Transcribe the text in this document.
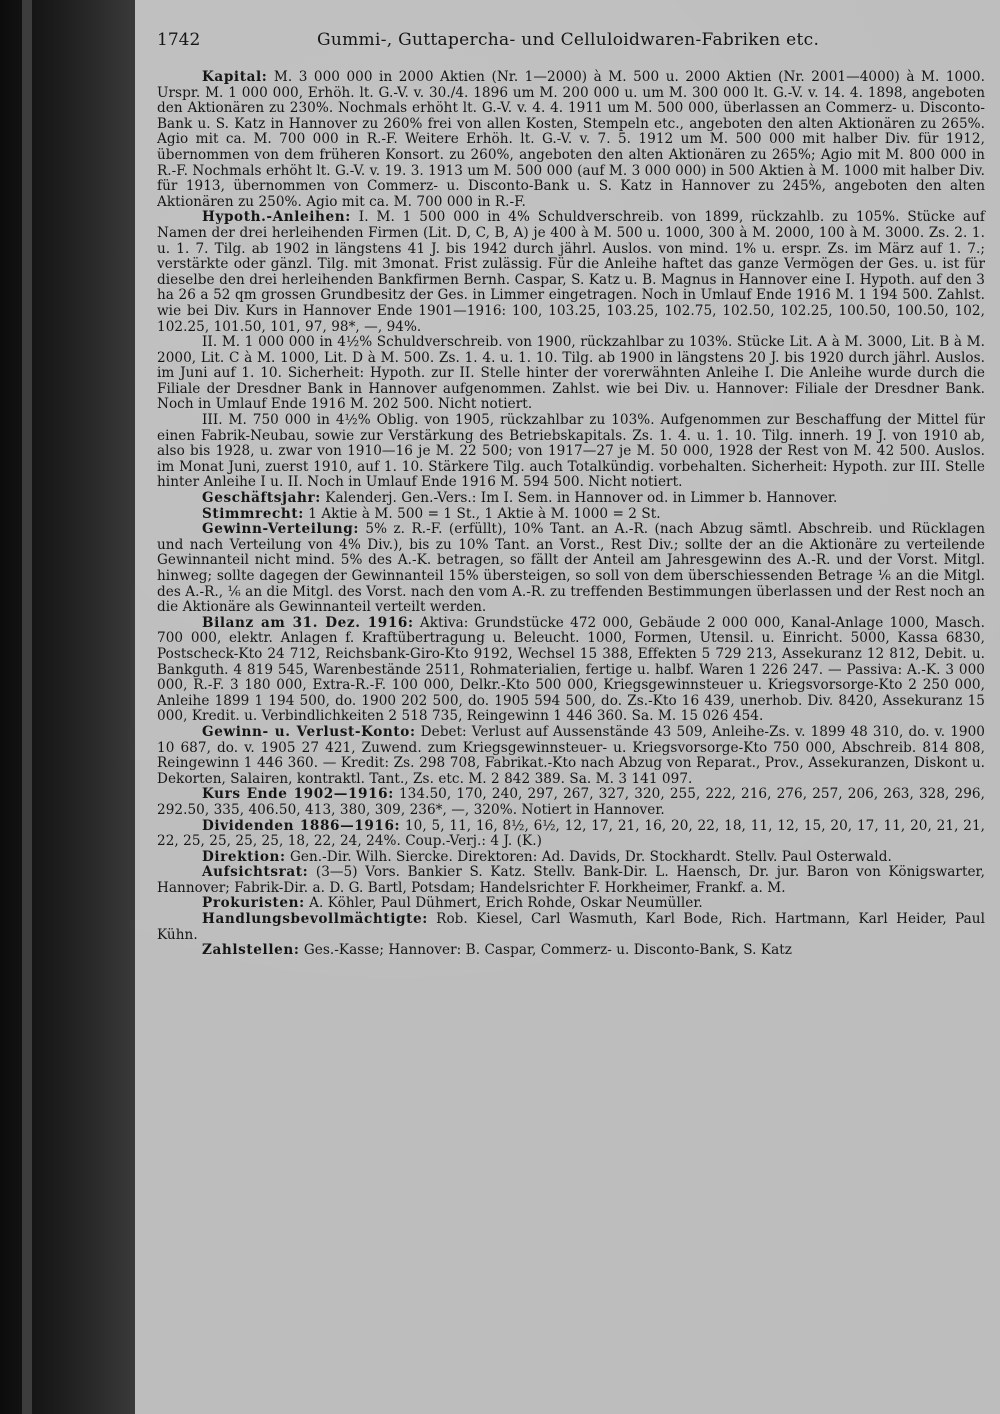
1742	Gummi-, Guttapercha- und Celluloidwaren-Fabriken etc.

Kapital: M. 3 000 000 in 2000 Aktien (Nr. 1—2000) à M. 500 u. 2000 Aktien (Nr. 2001—4000) à M. 1000. Urspr. M. 1 000 000, Erhöh. lt. G.-V. v. 30./4. 1896 um M. 200 000 u. um M. 300 000 lt. G.-V. v. 14. 4. 1898, angeboten den Aktionären zu 230%. Nochmals erhöht lt. G.-V. v. 4. 4. 1911 um M. 500 000, überlassen an Commerz- u. Disconto-Bank u. S. Katz in Hannover zu 260% frei von allen Kosten, Stempeln etc., angeboten den alten Aktionären zu 265%. Agio mit ca. M. 700 000 in R.-F. Weitere Erhöh. lt. G.-V. v. 7. 5. 1912 um M. 500 000 mit halber Div. für 1912, übernommen von dem früheren Konsort. zu 260%, angeboten den alten Aktionären zu 265%; Agio mit M. 800 000 in R.-F. Nochmals erhöht lt. G.-V. v. 19. 3. 1913 um M. 500 000 (auf M. 3 000 000) in 500 Aktien à M. 1000 mit halber Div. für 1913, übernommen von Commerz- u. Disconto-Bank u. S. Katz in Hannover zu 245%, angeboten den alten Aktionären zu 250%. Agio mit ca. M. 700 000 in R.-F.

Hypoth.-Anleihen: I. M. 1 500 000 in 4% Schuldverschreib. von 1899, rückzahlb. zu 105%. Stücke auf Namen der drei herleihenden Firmen (Lit. D, C, B, A) je 400 à M. 500 u. 1000, 300 à M. 2000, 100 à M. 3000. Zs. 2. 1. u. 1. 7. Tilg. ab 1902 in längstens 41 J. bis 1942 durch jährl. Auslos. von mind. 1% u. erspr. Zs. im März auf 1. 7.; verstärkte oder gänzl. Tilg. mit 3monat. Frist zulässig. Für die Anleihe haftet das ganze Vermögen der Ges. u. ist für dieselbe den drei herleihenden Bankfirmen Bernh. Caspar, S. Katz u. B. Magnus in Hannover eine I. Hypoth. auf den 3 ha 26 a 52 qm grossen Grundbesitz der Ges. in Limmer eingetragen. Noch in Umlauf Ende 1916 M. 1 194 500. Zahlst. wie bei Div. Kurs in Hannover Ende 1901—1916: 100, 103.25, 103.25, 102.75, 102.50, 102.25, 100.50, 100.50, 102, 102.25, 101.50, 101, 97, 98*, —, 94%.

II. M. 1 000 000 in 4½% Schuldverschreib. von 1900, rückzahlbar zu 103%. Stücke Lit. A à M. 3000, Lit. B à M. 2000, Lit. C à M. 1000, Lit. D à M. 500. Zs. 1. 4. u. 1. 10. Tilg. ab 1900 in längstens 20 J. bis 1920 durch jährl. Auslos. im Juni auf 1. 10. Sicherheit: Hypoth. zur II. Stelle hinter der vorerwähnten Anleihe I. Die Anleihe wurde durch die Filiale der Dresdner Bank in Hannover aufgenommen. Zahlst. wie bei Div. u. Hannover: Filiale der Dresdner Bank. Noch in Umlauf Ende 1916 M. 202 500. Nicht notiert.

III. M. 750 000 in 4½% Oblig. von 1905, rückzahlbar zu 103%. Aufgenommen zur Beschaffung der Mittel für einen Fabrik-Neubau, sowie zur Verstärkung des Betriebskapitals. Zs. 1. 4. u. 1. 10. Tilg. innerh. 19 J. von 1910 ab, also bis 1928, u. zwar von 1910—16 je M. 22 500; von 1917—27 je M. 50 000, 1928 der Rest von M. 42 500. Auslos. im Monat Juni, zuerst 1910, auf 1. 10. Stärkere Tilg. auch Totalkündig. vorbehalten. Sicherheit: Hypoth. zur III. Stelle hinter Anleihe I u. II. Noch in Umlauf Ende 1916 M. 594 500. Nicht notiert.

Geschäftsjahr: Kalenderj. Gen.-Vers.: Im I. Sem. in Hannover od. in Limmer b. Hannover.

Stimmrecht: 1 Aktie à M. 500 = 1 St., 1 Aktie à M. 1000 = 2 St.

Gewinn-Verteilung: 5% z. R.-F. (erfüllt), 10% Tant. an A.-R. (nach Abzug sämtl. Abschreib. und Rücklagen und nach Verteilung von 4% Div.), bis zu 10% Tant. an Vorst., Rest Div.; sollte der an die Aktionäre zu verteilende Gewinnanteil nicht mind. 5% des A.-K. betragen, so fällt der Anteil am Jahresgewinn des A.-R. und der Vorst. Mitgl. hinweg; sollte dagegen der Gewinnanteil 15% übersteigen, so soll von dem überschiessenden Betrage ⅙ an die Mitgl. des A.-R., ⅙ an die Mitgl. des Vorst. nach den vom A.-R. zu treffenden Bestimmungen überlassen und der Rest noch an die Aktionäre als Gewinnanteil verteilt werden.

Bilanz am 31. Dez. 1916: Aktiva: Grundstücke 472 000, Gebäude 2 000 000, Kanal-Anlage 1000, Masch. 700 000, elektr. Anlagen f. Kraftübertragung u. Beleucht. 1000, Formen, Utensil. u. Einricht. 5000, Kassa 6830, Postscheck-Kto 24 712, Reichsbank-Giro-Kto 9192, Wechsel 15 388, Effekten 5 729 213, Assekuranz 12 812, Debit. u. Bankguth. 4 819 545, Warenbestände 2511, Rohmaterialien, fertige u. halbf. Waren 1 226 247. — Passiva: A.-K. 3 000 000, R.-F. 3 180 000, Extra-R.-F. 100 000, Delkr.-Kto 500 000, Kriegsgewinnsteuer u. Kriegsvorsorge-Kto 2 250 000, Anleihe 1899 1 194 500, do. 1900 202 500, do. 1905 594 500, do. Zs.-Kto 16 439, unerhob. Div. 8420, Assekuranz 15 000, Kredit. u. Verbindlichkeiten 2 518 735, Reingewinn 1 446 360. Sa. M. 15 026 454.

Gewinn- u. Verlust-Konto: Debet: Verlust auf Aussenstände 43 509, Anleihe-Zs. v. 1899 48 310, do. v. 1900 10 687, do. v. 1905 27 421, Zuwend. zum Kriegsgewinnsteuer- u. Kriegsvorsorge-Kto 750 000, Abschreib. 814 808, Reingewinn 1 446 360. — Kredit: Zs. 298 708, Fabrikat.-Kto nach Abzug von Reparat., Prov., Assekuranzen, Diskont u. Dekorten, Salairen, kontraktl. Tant., Zs. etc. M. 2 842 389. Sa. M. 3 141 097.

Kurs Ende 1902—1916: 134.50, 170, 240, 297, 267, 327, 320, 255, 222, 216, 276, 257, 206, 263, 328, 296, 292.50, 335, 406.50, 413, 380, 309, 236*, —, 320%. Notiert in Hannover.

Dividenden 1886—1916: 10, 5, 11, 16, 8½, 6½, 12, 17, 21, 16, 20, 22, 18, 11, 12, 15, 20, 17, 11, 20, 21, 21, 22, 25, 25, 25, 25, 18, 22, 24, 24%. Coup.-Verj.: 4 J. (K.)

Direktion: Gen.-Dir. Wilh. Siercke. Direktoren: Ad. Davids, Dr. Stockhardt. Stellv. Paul Osterwald.

Aufsichtsrat: (3—5) Vors. Bankier S. Katz. Stellv. Bank-Dir. L. Haensch, Dr. jur. Baron von Königswarter, Hannover; Fabrik-Dir. a. D. G. Bartl, Potsdam; Handelsrichter F. Horkheimer, Frankf. a. M.

Prokuristen: A. Köhler, Paul Dühmert, Erich Rohde, Oskar Neumüller.

Handlungsbevollmächtigte: Rob. Kiesel, Carl Wasmuth, Karl Bode, Rich. Hartmann, Karl Heider, Paul Kühn.

Zahlstellen: Ges.-Kasse; Hannover: B. Caspar, Commerz- u. Disconto-Bank, S. Katz
